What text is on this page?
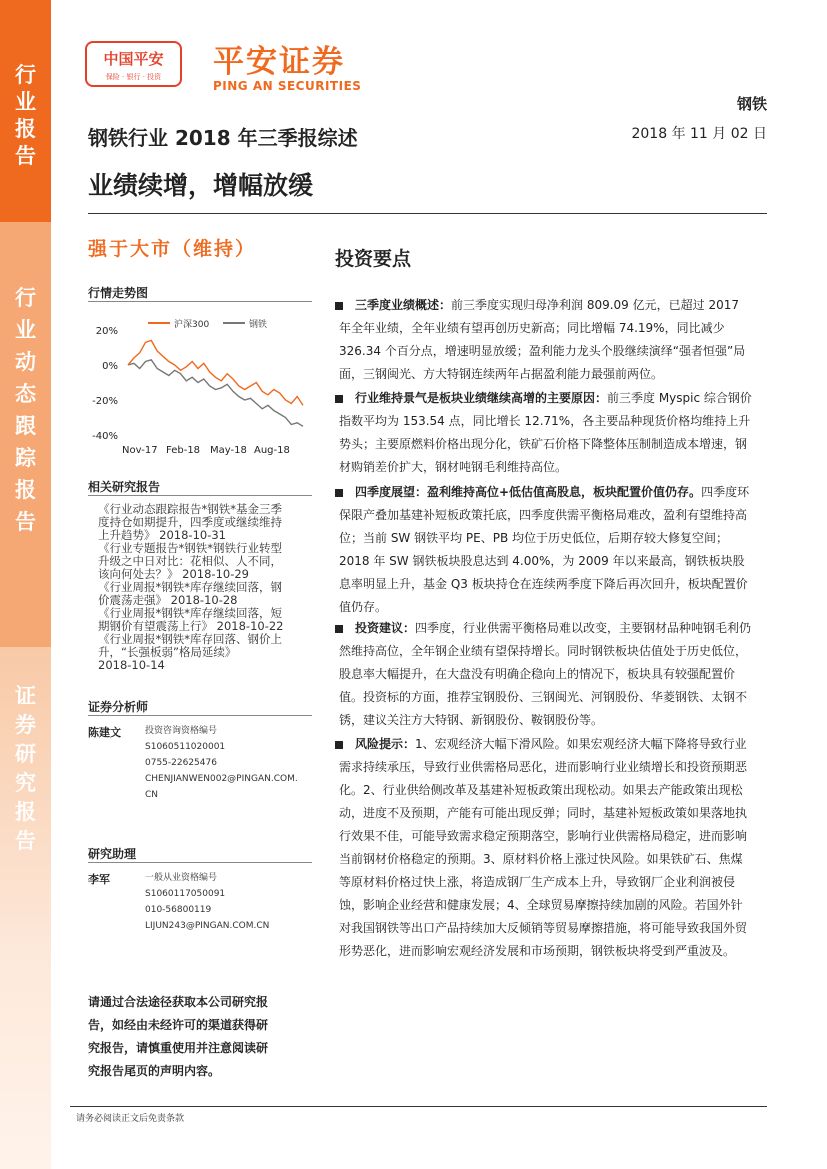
行
业
报
告
行
业
动
态
跟
踪
报
告
证
券
研
究
报
告
中国平安
保险 · 银行 · 投资	平安证券
PING AN SECURITIES
钢铁
钢铁行业 2018 年三季报综述	2018 年 11 月 02 日
业绩续增，增幅放缓
强于大市（维持）
行情走势图
沪深300	钢铁
20%
0%
-20%
-40%
Nov-17 Feb-18 May-18 Aug-18
相关研究报告
《行业动态跟踪报告*钢铁*基金三季
度持仓如期提升，四季度或继续维持
上升趋势》 2018-10-31
《行业专题报告*钢铁*钢铁行业转型
升级之中日对比：花相似、人不同，
该向何处去？》 2018-10-29
《行业周报*钢铁*库存继续回落，钢
价震荡走强》 2018-10-28
《行业周报*钢铁*库存继续回落，短
期钢价有望震荡上行》 2018-10-22
《行业周报*钢铁*库存回落、钢价上
升，“长强板弱”格局延续》
2018-10-14
证券分析师
陈建文	投资咨询资格编号
S1060511020001
0755-22625476
CHENJIANWEN002@PINGAN.COM.
CN
研究助理
李军	一般从业资格编号
S1060117050091
010-56800119
LIJUN243@PINGAN.COM.CN
请通过合法途径获取本公司研究报
告，如经由未经许可的渠道获得研
究报告，请慎重使用并注意阅读研
究报告尾页的声明内容。
投资要点
三季度业绩概述：前三季度实现归母净利润 809.09 亿元，已超过 2017 年全年业绩，全年业绩有望再创历史新高；同比增幅 74.19%，同比减少 326.34 个百分点，增速明显放缓；盈利能力龙头个股继续演绎“强者恒强”局面，三钢闽光、方大特钢连续两年占据盈利能力最强前两位。
行业维持景气是板块业绩继续高增的主要原因：前三季度 Myspic 综合钢价指数平均为 153.54 点，同比增长 12.71%，各主要品种现货价格均维持上升势头；主要原燃料价格出现分化，铁矿石价格下降整体压制制造成本增速，钢材购销差价扩大，钢材吨钢毛利维持高位。
四季度展望：盈利维持高位+低估值高股息，板块配置价值仍存。四季度环保限产叠加基建补短板政策托底，四季度供需平衡格局难改，盈利有望维持高位；当前 SW 钢铁平均 PE、PB 均位于历史低位，后期存较大修复空间；2018 年 SW 钢铁板块股息达到 4.00%，为 2009 年以来最高，钢铁板块股息率明显上升，基金 Q3 板块持仓在连续两季度下降后再次回升，板块配置价值仍存。
投资建议：四季度，行业供需平衡格局难以改变，主要钢材品种吨钢毛利仍然维持高位，全年钢企业绩有望保持增长。同时钢铁板块估值处于历史低位，股息率大幅提升，在大盘没有明确企稳向上的情况下，板块具有较强配置价值。投资标的方面，推荐宝钢股份、三钢闽光、河钢股份、华菱钢铁、太钢不锈，建议关注方大特钢、新钢股份、鞍钢股份等。
风险提示：1、宏观经济大幅下滑风险。如果宏观经济大幅下降将导致行业需求持续承压，导致行业供需格局恶化，进而影响行业业绩增长和投资预期恶化。2、行业供给侧改革及基建补短板政策出现松动。如果去产能政策出现松动，进度不及预期，产能有可能出现反弹；同时，基建补短板政策如果落地执行效果不佳，可能导致需求稳定预期落空，影响行业供需格局稳定，进而影响当前钢材价格稳定的预期。3、原材料价格上涨过快风险。如果铁矿石、焦煤等原材料价格过快上涨，将造成钢厂生产成本上升，导致钢厂企业利润被侵蚀，影响企业经营和健康发展；4、全球贸易摩擦持续加剧的风险。若国外针对我国钢铁等出口产品持续加大反倾销等贸易摩擦措施，将可能导致我国外贸形势恶化，进而影响宏观经济发展和市场预期，钢铁板块将受到严重波及。
请务必阅读正文后免责条款
